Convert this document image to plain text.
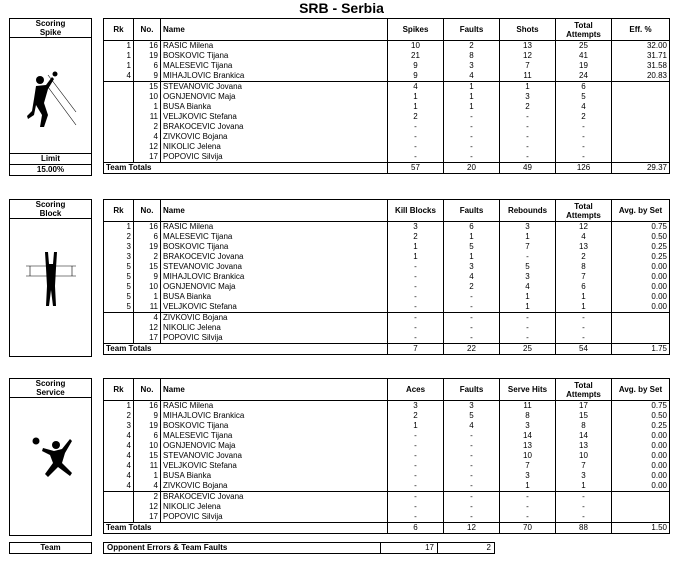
SRB - Serbia
Scoring
Spike
Limit
15.00%
Rk	No.	Name	Spikes	Faults	Shots	Total Attempts	Eff. %
1	16	RASIC Milena	10	2	13	25	32.00
1	19	BOSKOVIC Tijana	21	8	12	41	31.71
1	6	MALESEVIC Tijana	9	3	7	19	31.58
4	9	MIHAJLOVIC Brankica	9	4	11	24	20.83
	15	STEVANOVIC Jovana	4	1	1	6	
	10	OGNJENOVIC Maja	1	1	3	5	
	1	BUSA Bianka	1	1	2	4	
	11	VELJKOVIC Stefana	2	-	-	2	
	2	BRAKOCEVIC Jovana	-	-	-	-	
	4	ZIVKOVIC Bojana	-	-	-	-	
	12	NIKOLIC Jelena	-	-	-	-	
	17	POPOVIC Silvija	-	-	-	-	
Team Totals			57	20	49	126	29.37
Scoring
Block	Rk	No.	Name	Kill Blocks	Faults	Rebounds	Total Attempts	Avg. by Set
1	16	RASIC Milena	3	6	3	12	0.75
2	6	MALESEVIC Tijana	2	1	1	4	0.50
3	19	BOSKOVIC Tijana	1	5	7	13	0.25
3	2	BRAKOCEVIC Jovana	1	1	-	2	0.25
5	15	STEVANOVIC Jovana	-	3	5	8	0.00
5	9	MIHAJLOVIC Brankica	-	4	3	7	0.00
5	10	OGNJENOVIC Maja	-	2	4	6	0.00
5	1	BUSA Bianka	-	-	1	1	0.00
5	11	VELJKOVIC Stefana	-	-	1	1	0.00
	4	ZIVKOVIC Bojana	-	-	-	-	
	12	NIKOLIC Jelena	-	-	-	-	
	17	POPOVIC Silvija	-	-	-	-	
Team Totals			7	22	25	54	1.75
Scoring
Service	Rk	No.	Name	Aces	Faults	Serve Hits	Total Attempts	Avg. by Set
1	16	RASIC Milena	3	3	11	17	0.75
2	9	MIHAJLOVIC Brankica	2	5	8	15	0.50
3	19	BOSKOVIC Tijana	1	4	3	8	0.25
4	6	MALESEVIC Tijana	-	-	14	14	0.00
4	10	OGNJENOVIC Maja	-	-	13	13	0.00
4	15	STEVANOVIC Jovana	-	-	10	10	0.00
4	11	VELJKOVIC Stefana	-	-	7	7	0.00
4	1	BUSA Bianka	-	-	3	3	0.00
4	4	ZIVKOVIC Bojana	-	-	1	1	0.00
	2	BRAKOCEVIC Jovana	-	-	-	-	
	12	NIKOLIC Jelena	-	-	-	-	
	17	POPOVIC Silvija	-	-	-	-	
Team Totals			6	12	70	88	1.50
Team	Opponent Errors & Team Faults	17	2
